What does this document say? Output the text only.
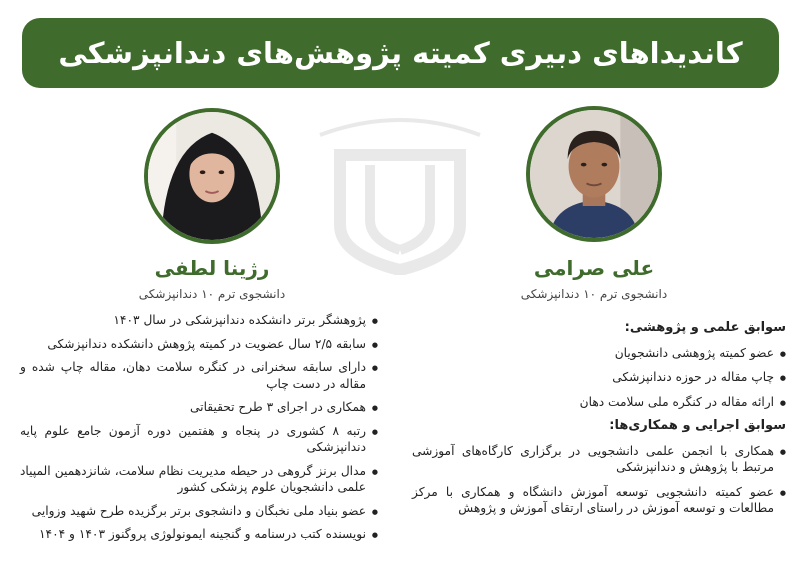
کاندیداهای دبیری کمیته پژوهش‌های دندانپزشکی
علی صرامی
دانشجوی ترم ۱۰ دندانپزشکی
رژینا لطفی
دانشجوی ترم ۱۰ دندانپزشکی
● پژوهشگر برتر دانشکده دندانپزشکی در سال ۱۴۰۳
● سابقه ۲/۵ سال عضویت در کمیته پژوهش دانشکده دندانپزشکی
● دارای سابقه سخنرانی در کنگره سلامت دهان، مقاله چاپ شده و مقاله در دست چاپ
● همکاری در اجرای ۳ طرح تحقیقاتی
● رتبه ۸ کشوری در پنجاه و هفتمین دوره آزمون جامع علوم پایه دندانپزشکی
● مدال برنز گروهی در حیطه مدیریت نظام سلامت، شانزدهمین المپیاد علمی دانشجویان علوم پزشکی کشور
● عضو بنیاد ملی نخبگان و دانشجوی برتر برگزیده طرح شهید وزوایی
● نویسنده کتب درسنامه و گنجینه ایمونولوژی پروگنوز ۱۴۰۳ و ۱۴۰۴
سوابق علمی و پژوهشی:
● عضو کمیته پژوهشی دانشجویان
● چاپ مقاله در حوزه دندانپزشکی
● ارائه مقاله در کنگره ملی سلامت دهان
سوابق اجرایی و همکاری‌ها:
● همکاری با انجمن علمی دانشجویی در برگزاری کارگاه‌های آموزشی مرتبط با پژوهش و دندانپزشکی
● عضو کمیته دانشجویی توسعه آموزش دانشگاه و همکاری با مرکز مطالعات و توسعه آموزش در راستای ارتقای آموزش و پژوهش
